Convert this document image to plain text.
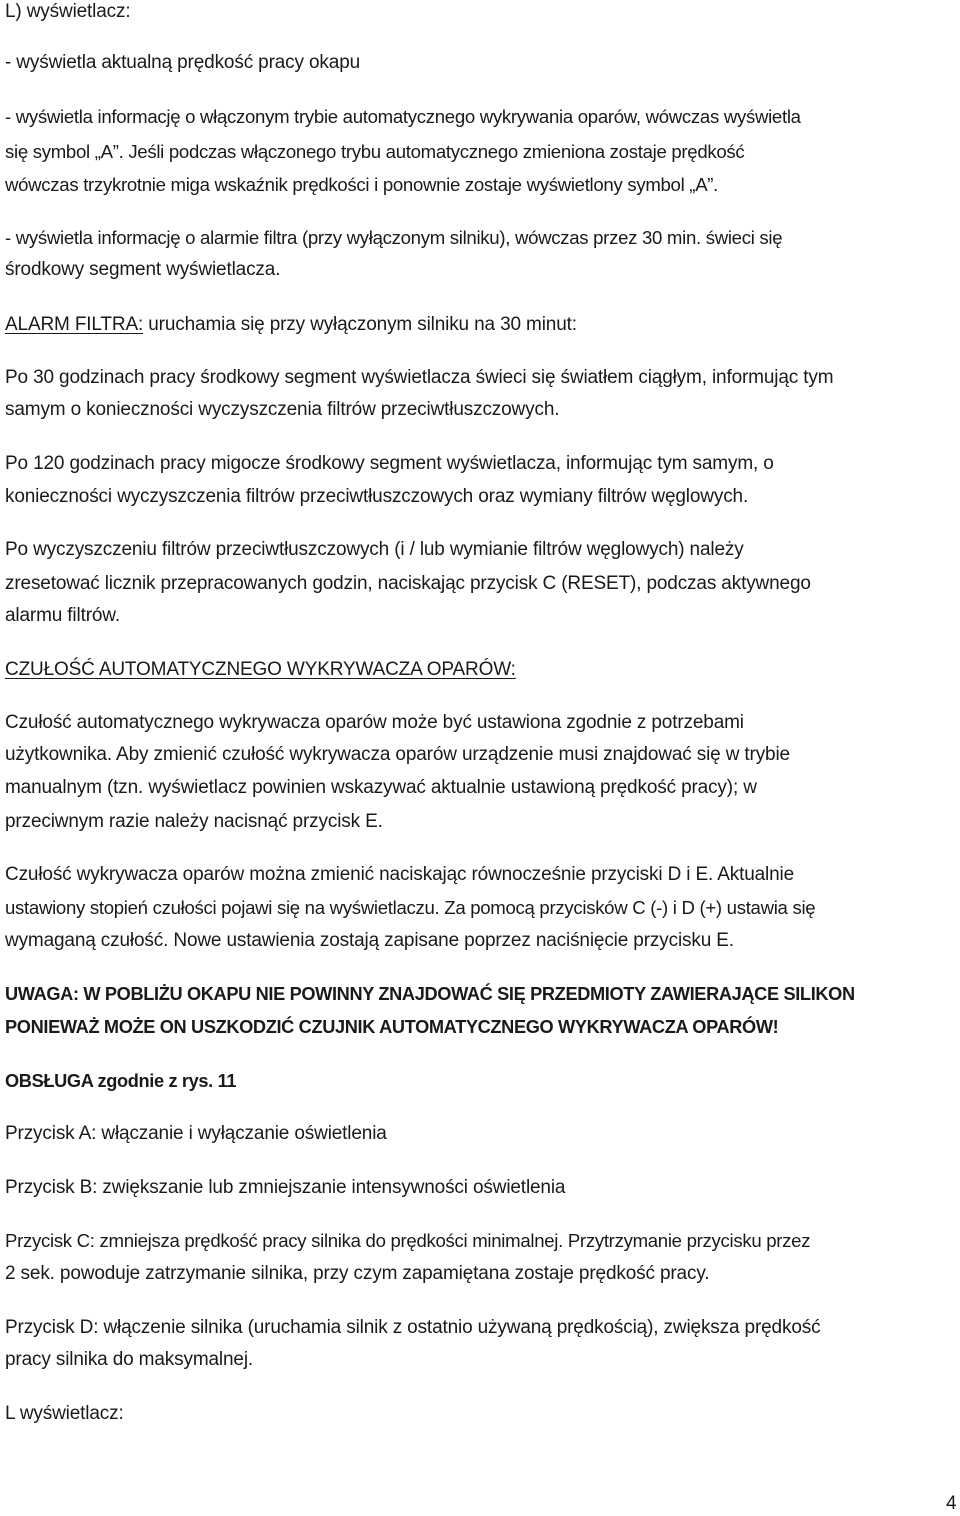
L) wyświetlacz:
- wyświetla aktualną prędkość pracy okapu
- wyświetla informację o włączonym trybie automatycznego wykrywania oparów, wówczas wyświetla
się symbol „A”. Jeśli podczas włączonego trybu automatycznego zmieniona zostaje prędkość
wówczas trzykrotnie miga wskaźnik prędkości i ponownie zostaje wyświetlony symbol „A”.
- wyświetla informację o alarmie filtra (przy wyłączonym silniku), wówczas przez 30 min. świeci się
środkowy segment wyświetlacza.
ALARM FILTRA: uruchamia się przy wyłączonym silniku na 30 minut:
Po 30 godzinach pracy środkowy segment wyświetlacza świeci się światłem ciągłym, informując tym
samym o konieczności wyczyszczenia filtrów przeciwtłuszczowych.
Po 120 godzinach pracy migocze środkowy segment wyświetlacza, informując tym samym, o
konieczności wyczyszczenia filtrów przeciwtłuszczowych oraz wymiany filtrów węglowych.
Po wyczyszczeniu filtrów przeciwtłuszczowych (i / lub wymianie filtrów węglowych) należy
zresetować licznik przepracowanych godzin, naciskając przycisk C (RESET), podczas aktywnego
alarmu filtrów.
CZUŁOŚĆ AUTOMATYCZNEGO WYKRYWACZA OPARÓW:
Czułość automatycznego wykrywacza oparów może być ustawiona zgodnie z potrzebami
użytkownika. Aby zmienić czułość wykrywacza oparów urządzenie musi znajdować się w trybie
manualnym (tzn. wyświetlacz powinien wskazywać aktualnie ustawioną prędkość pracy); w
przeciwnym razie należy nacisnąć przycisk E.
Czułość wykrywacza oparów można zmienić naciskając równocześnie przyciski D i E. Aktualnie
ustawiony stopień czułości pojawi się na wyświetlaczu. Za pomocą przycisków C (-) i D (+) ustawia się
wymaganą czułość. Nowe ustawienia zostają zapisane poprzez naciśnięcie przycisku E.
UWAGA: W POBLIŻU OKAPU NIE POWINNY ZNAJDOWAĆ SIĘ PRZEDMIOTY ZAWIERAJĄCE SILIKON
PONIEWAŻ MOŻE ON USZKODZIĆ CZUJNIK AUTOMATYCZNEGO WYKRYWACZA OPARÓW!
OBSŁUGA zgodnie z rys. 11
Przycisk A: włączanie i wyłączanie oświetlenia
Przycisk B: zwiększanie lub zmniejszanie intensywności oświetlenia
Przycisk C: zmniejsza prędkość pracy silnika do prędkości minimalnej. Przytrzymanie przycisku przez
2 sek. powoduje zatrzymanie silnika, przy czym zapamiętana zostaje prędkość pracy.
Przycisk D: włączenie silnika (uruchamia silnik z ostatnio używaną prędkością), zwiększa prędkość
pracy silnika do maksymalnej.
L wyświetlacz:
4
